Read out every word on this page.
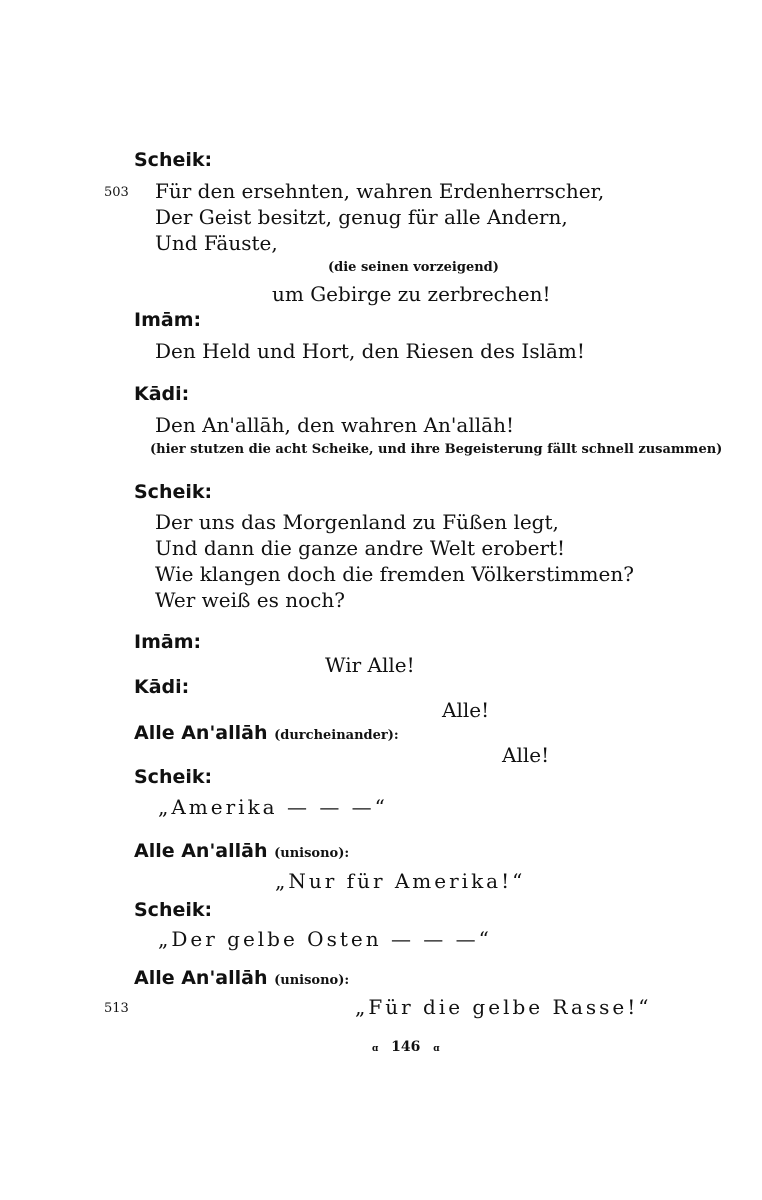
Scheik:
503 Für den ersehnten, wahren Erdenherrscher,
Der Geist besitzt, genug für alle Andern,
Und Fäuste,
(die seinen vorzeigend)
um Gebirge zu zerbrechen!
Imām:
Den Held und Hort, den Riesen des Islām!
Kādi:
Den An'allāh, den wahren An'allāh!
(hier stutzen die acht Scheike, und ihre Begeisterung fällt schnell zusammen)
Scheik:
Der uns das Morgenland zu Füßen legt,
Und dann die ganze andre Welt erobert!
Wie klangen doch die fremden Völkerstimmen?
Wer weiß es noch?
Imām:
Wir Alle!
Kādi:
Alle!
Alle An'allāh (durcheinander):
Alle!
Scheik:
„Amerika — — —“
Alle An'allāh (unisono):
„Nur für Amerika!“
Scheik:
„Der gelbe Osten — — —“
Alle An'allāh (unisono):
513	„Für die gelbe Rasse!“
ɑ 146 ɑ
